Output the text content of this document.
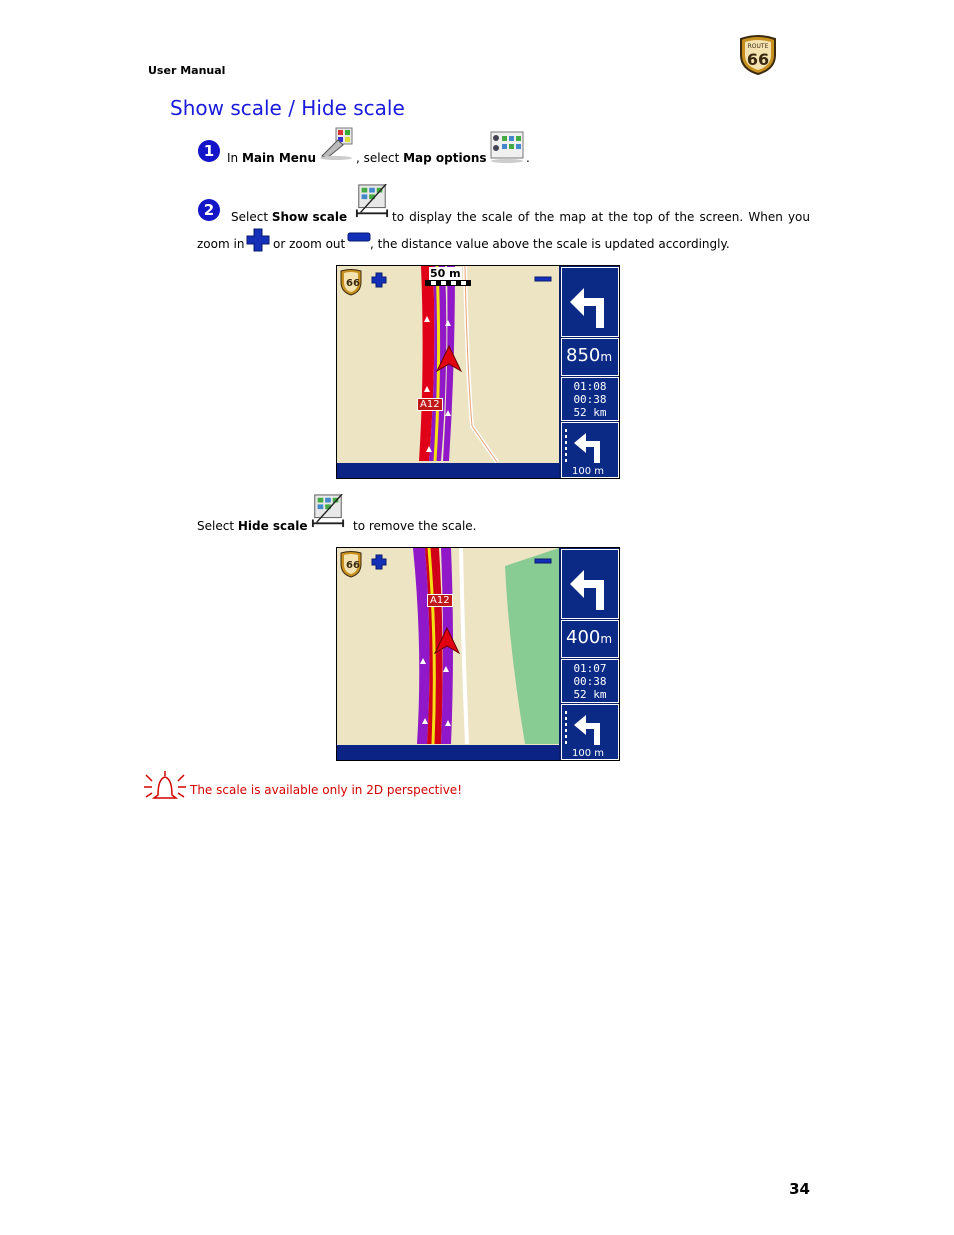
User Manual
ROUTE
66
Show scale / Hide scale
1	In Main Menu	, select Map options	.
2	Select Show scale	to display the scale of the map at the top of the screen. When you
zoom in or zoom out , the distance value above the scale is updated accordingly.
66
50 m
A12
850m
01:08
00:38
52 km
100 m
Select Hide scale	to remove the scale.
66
A12
400m
01:07
00:38
52 km
100 m
The scale is available only in 2D perspective!
34
